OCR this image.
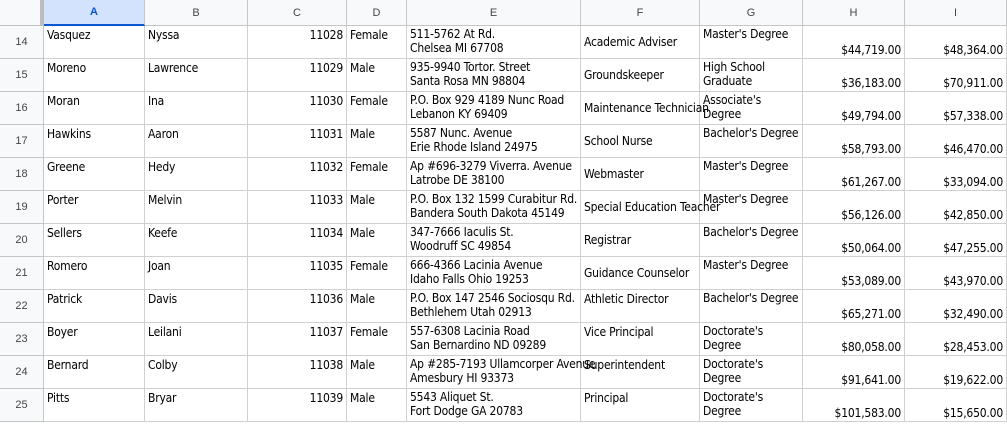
A	B	C	D	E	F	G	H	I
14	Vasquez	Nyssa	11028 Female	511-5762 At Rd.
Chelsea MI 67708	Academic Adviser
Master's Degree
$44,719.00	$48,364.00
15	Moreno	Lawrence	11029 Male	935-9940 Tortor. Street
Santa Rosa MN 98804	Groundskeeper
High School Graduate	$36,183.00	$70,911.00
16	Moran	Ina	11030 Female	P.O. Box 929 4189 Nunc Road
Lebanon KY 69409	Maintenance Technician
Associate's Degree	$49,794.00	$57,338.00
17	Hawkins	Aaron	11031 Male	5587 Nunc. Avenue
Erie Rhode Island 24975	School Nurse
Bachelor's Degree
$58,793.00	$46,470.00
18	Greene	Hedy	11032 Female	Ap #696-3279 Viverra. Avenue
Latrobe DE 38100	Webmaster
Master's Degree
$61,267.00	$33,094.00
19	Porter	Melvin	11033 Male	P.O. Box 132 1599 Curabitur Rd.
Bandera South Dakota 45149	Special Education Teacher
Master's Degree
$56,126.00	$42,850.00
20	Sellers	Keefe	11034 Male	347-7666 Iaculis St.
Woodruff SC 49854	Registrar
Bachelor's Degree
$50,064.00	$47,255.00
21	Romero	Joan	11035 Female	666-4366 Lacinia Avenue
Idaho Falls Ohio 19253	Guidance Counselor
Master's Degree
$53,089.00	$43,970.00
22	Patrick	Davis	11036 Male	P.O. Box 147 2546 Sociosqu Rd.
Bethlehem Utah 02913
Athletic Director	Bachelor's Degree
$65,271.00	$32,490.00
23	Boyer	Leilani	11037 Female	557-6308 Lacinia Road
San Bernardino ND 09289
Vice Principal	Doctorate's Degree	$80,058.00	$28,453.00
24	Bernard	Colby	11038 Male	Ap #285-7193 Ullamcorper Avenue
Amesbury HI 93373
Superintendent	Doctorate's Degree	$91,641.00	$19,622.00
25	Pitts	Bryar	11039 Male	5543 Aliquet St.
Fort Dodge GA 20783
Principal	Doctorate's Degree	$101,583.00	$15,650.00
